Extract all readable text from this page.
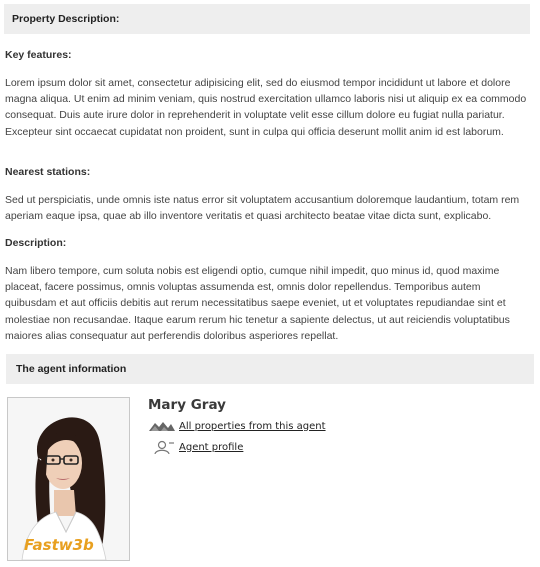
Property Description:
Key features:

Lorem ipsum dolor sit amet, consectetur adipisicing elit, sed do eiusmod tempor incididunt ut labore et dolore magna aliqua. Ut enim ad minim veniam, quis nostrud exercitation ullamco laboris nisi ut aliquip ex ea commodo consequat. Duis aute irure dolor in reprehenderit in voluptate velit esse cillum dolore eu fugiat nulla pariatur. Excepteur sint occaecat cupidatat non proident, sunt in culpa qui officia deserunt mollit anim id est laborum.

Nearest stations:

Sed ut perspiciatis, unde omnis iste natus error sit voluptatem accusantium doloremque laudantium, totam rem aperiam eaque ipsa, quae ab illo inventore veritatis et quasi architecto beatae vitae dicta sunt, explicabo.

Description:

Nam libero tempore, cum soluta nobis est eligendi optio, cumque nihil impedit, quo minus id, quod maxime placeat, facere possimus, omnis voluptas assumenda est, omnis dolor repellendus. Temporibus autem quibusdam et aut officiis debitis aut rerum necessitatibus saepe eveniet, ut et voluptates repudiandae sint et molestiae non recusandae. Itaque earum rerum hic tenetur a sapiente delectus, ut aut reiciendis voluptatibus maiores alias consequatur aut perferendis doloribus asperiores repellat.

The agent information
Fastw3b
Mary Gray
All properties from this agent
Agent profile
